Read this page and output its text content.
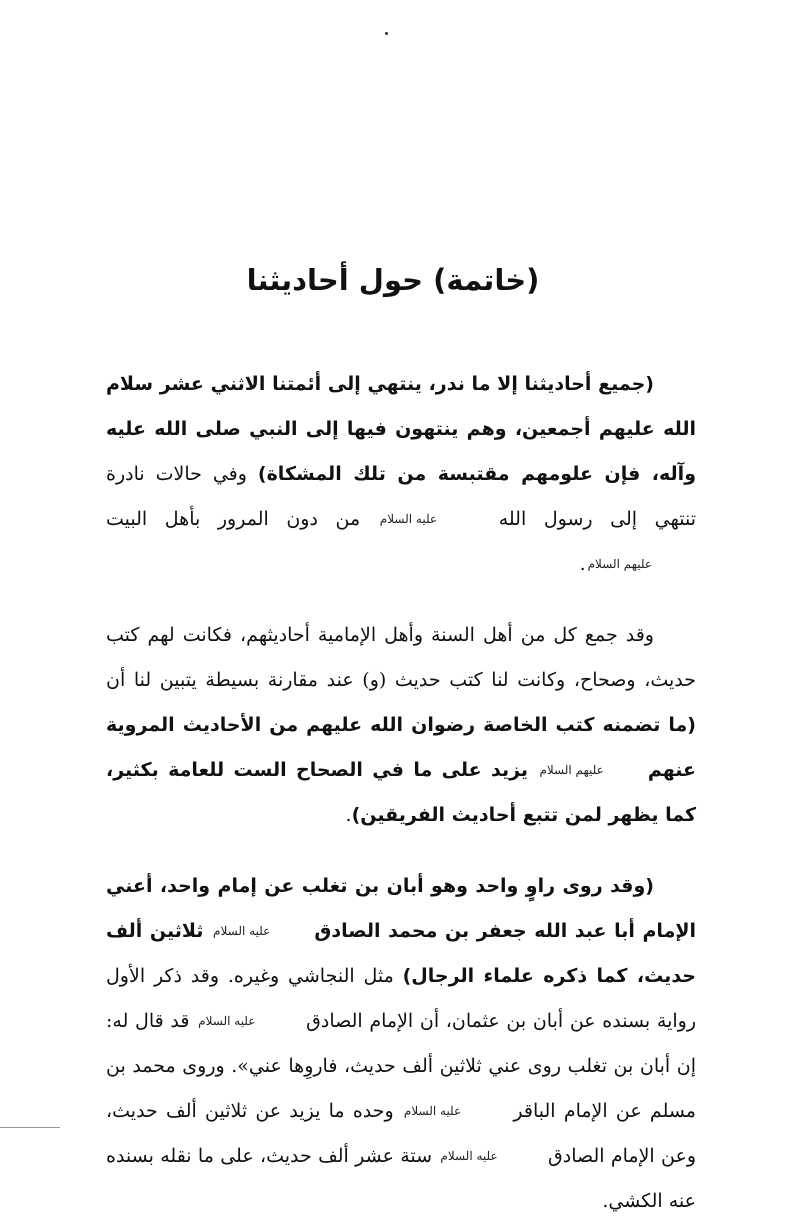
(خاتمة) حول أحاديثنا

(جميع أحاديثنا إلا ما ندر، ينتهي إلى أئمتنا الاثني عشر سلام الله عليهم أجمعين، وهم ينتهون فيها إلى النبي صلى الله عليه وآله، فإن علومهم مقتبسة من تلك المشكاة) وفي حالات نادرة تنتهي إلى رسول الله عليه السلام من دون المرور بأهل البيت عليهم السلام.

وقد جمع كل من أهل السنة وأهل الإمامية أحاديثهم، فكانت لهم كتب حديث، وصحاح، وكانت لنا كتب حديث (و) عند مقارنة بسيطة يتبين لنا أن (ما تضمنه كتب الخاصة رضوان الله عليهم من الأحاديث المروية عنهمعليهم السلام يزيد على ما في الصحاح الست للعامة بكثير، كما يظهر لمن تتبع أحاديث الفريقين).

(وقد روى راوٍ واحد وهو أبان بن تغلب عن إمام واحد، أعني الإمام أبا عبد الله جعفر بن محمد الصادقعليه السلام ثلاثين ألف حديث، كما ذكره علماء الرجال) مثل النجاشي وغيره. وقد ذكر الأول رواية بسنده عن أبان بن عثمان، أن الإمام الصادق عليه السلام قد قال له: إن أبان بن تغلب روى عني ثلاثين ألف حديث، فاروِها عني». وروى محمد بن مسلم عن الإمام الباقر عليه السلام وحده ما يزيد عن ثلاثين ألف حديث، وعن الإمام الصادق عليه السلام ستة عشر ألف حديث، على ما نقله بسنده عنه الكشي.
